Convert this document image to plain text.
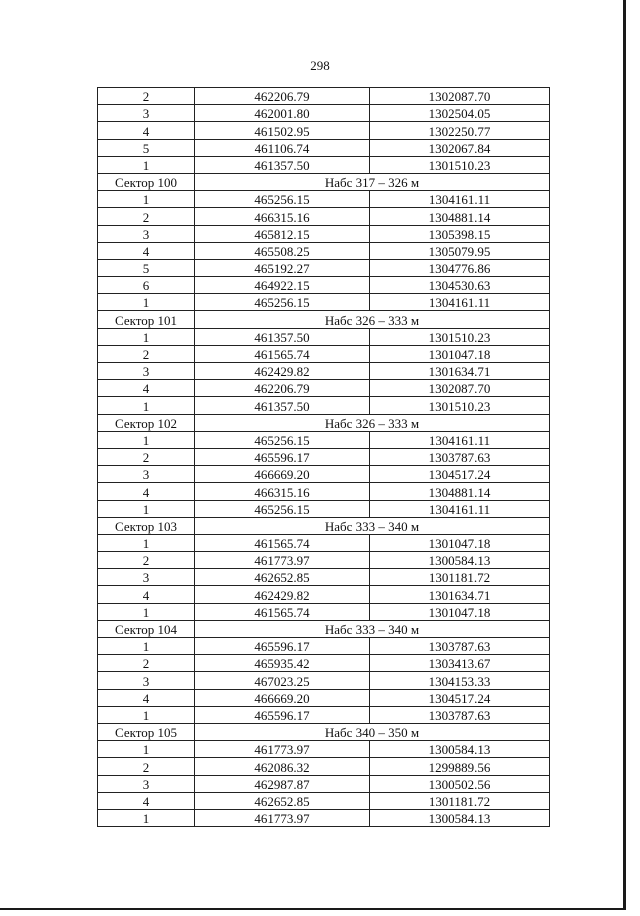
298
2	462206.79	1302087.70
3	462001.80	1302504.05
4	461502.95	1302250.77
5	461106.74	1302067.84
1	461357.50	1301510.23
Сектор 100	Набс 317 – 326 м	
1	465256.15	1304161.11
2	466315.16	1304881.14
3	465812.15	1305398.15
4	465508.25	1305079.95
5	465192.27	1304776.86
6	464922.15	1304530.63
1	465256.15	1304161.11
Сектор 101	Набс 326 – 333 м	
1	461357.50	1301510.23
2	461565.74	1301047.18
3	462429.82	1301634.71
4	462206.79	1302087.70
1	461357.50	1301510.23
Сектор 102	Набс 326 – 333 м	
1	465256.15	1304161.11
2	465596.17	1303787.63
3	466669.20	1304517.24
4	466315.16	1304881.14
1	465256.15	1304161.11
Сектор 103	Набс 333 – 340 м	
1	461565.74	1301047.18
2	461773.97	1300584.13
3	462652.85	1301181.72
4	462429.82	1301634.71
1	461565.74	1301047.18
Сектор 104	Набс 333 – 340 м	
1	465596.17	1303787.63
2	465935.42	1303413.67
3	467023.25	1304153.33
4	466669.20	1304517.24
1	465596.17	1303787.63
Сектор 105	Набс 340 – 350 м	
1	461773.97	1300584.13
2	462086.32	1299889.56
3	462987.87	1300502.56
4	462652.85	1301181.72
1	461773.97	1300584.13
